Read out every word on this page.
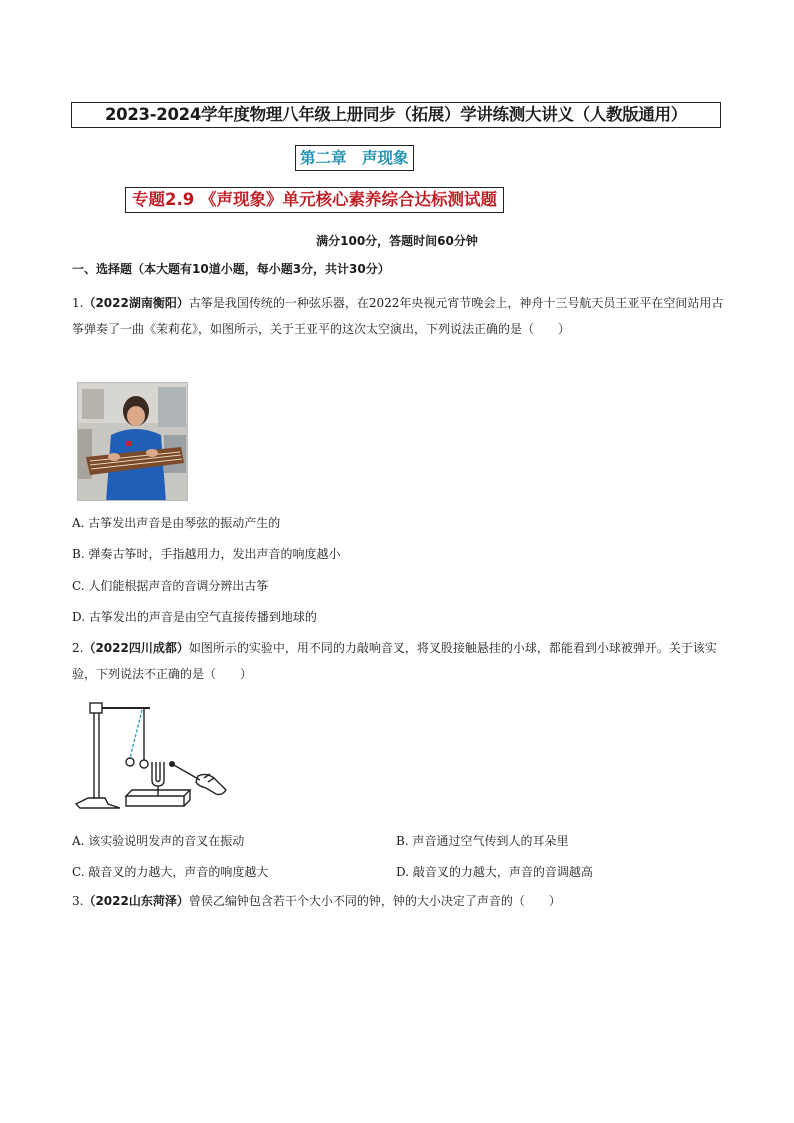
2023-2024学年度物理八年级上册同步（拓展）学讲练测大讲义（人教版通用）
第二章　声现象
专题2.9 《声现象》单元核心素养综合达标测试题
满分100分，答题时间60分钟
一、选择题（本大题有10道小题，每小题3分，共计30分）
1.（2022湖南衡阳）古筝是我国传统的一种弦乐器，在2022年央视元宵节晚会上，神舟十三号航天员王亚平在空间站用古筝弹奏了一曲《茉莉花》，如图所示，关于王亚平的这次太空演出，下列说法正确的是（　　）
A. 古筝发出声音是由琴弦的振动产生的
B. 弹奏古筝时，手指越用力，发出声音的响度越小
C. 人们能根据声音的音调分辨出古筝
D. 古筝发出的声音是由空气直接传播到地球的
2.（2022四川成都）如图所示的实验中，用不同的力敲响音叉，将叉股接触悬挂的小球，都能看到小球被弹开。关于该实验，下列说法不正确的是（　　）
A. 该实验说明发声的音叉在振动	B. 声音通过空气传到人的耳朵里
C. 敲音叉的力越大，声音的响度越大	D. 敲音叉的力越大，声音的音调越高
3.（2022山东菏泽）曾侯乙编钟包含若干个大小不同的钟，钟的大小决定了声音的（　　）
